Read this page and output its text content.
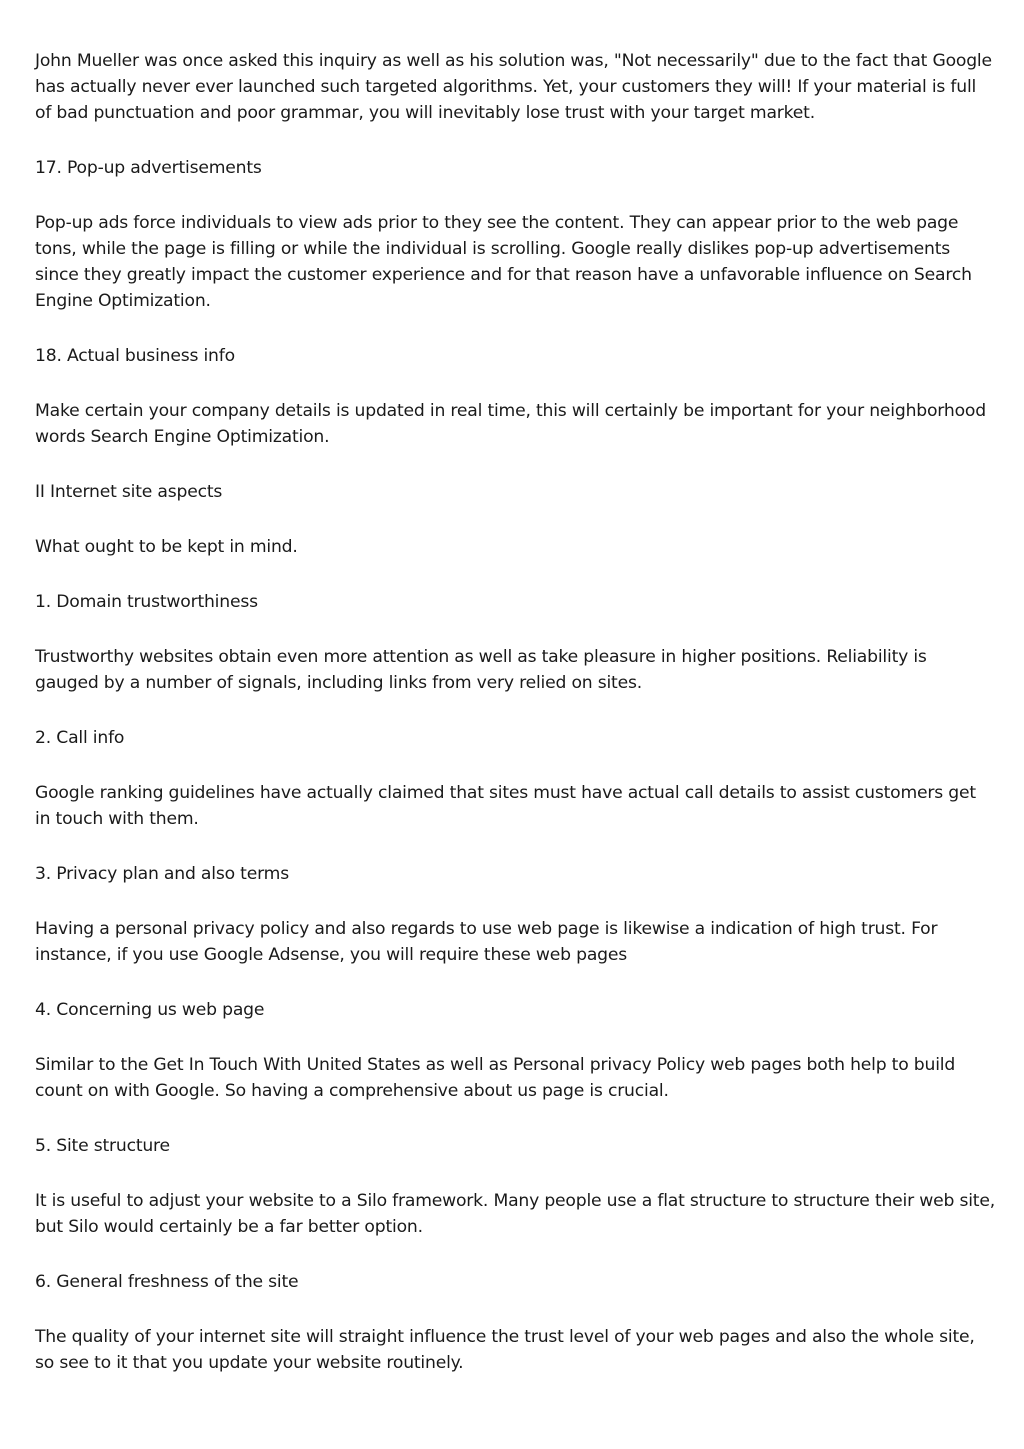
John Mueller was once asked this inquiry as well as his solution was, "Not necessarily" due to the fact that Google has actually never ever launched such targeted algorithms. Yet, your customers they will! If your material is full of bad punctuation and poor grammar, you will inevitably lose trust with your target market.

17. Pop-up advertisements

Pop-up ads force individuals to view ads prior to they see the content. They can appear prior to the web page tons, while the page is filling or while the individual is scrolling. Google really dislikes pop-up advertisements since they greatly impact the customer experience and for that reason have a unfavorable influence on Search Engine Optimization.

18. Actual business info

Make certain your company details is updated in real time, this will certainly be important for your neighborhood words Search Engine Optimization.

II Internet site aspects

What ought to be kept in mind.

1. Domain trustworthiness

Trustworthy websites obtain even more attention as well as take pleasure in higher positions. Reliability is gauged by a number of signals, including links from very relied on sites.

2. Call info

Google ranking guidelines have actually claimed that sites must have actual call details to assist customers get in touch with them.

3. Privacy plan and also terms

Having a personal privacy policy and also regards to use web page is likewise a indication of high trust. For instance, if you use Google Adsense, you will require these web pages

4. Concerning us web page

Similar to the Get In Touch With United States as well as Personal privacy Policy web pages both help to build count on with Google. So having a comprehensive about us page is crucial.

5. Site structure

It is useful to adjust your website to a Silo framework. Many people use a flat structure to structure their web site, but Silo would certainly be a far better option.

6. General freshness of the site

The quality of your internet site will straight influence the trust level of your web pages and also the whole site, so see to it that you update your website routinely.
